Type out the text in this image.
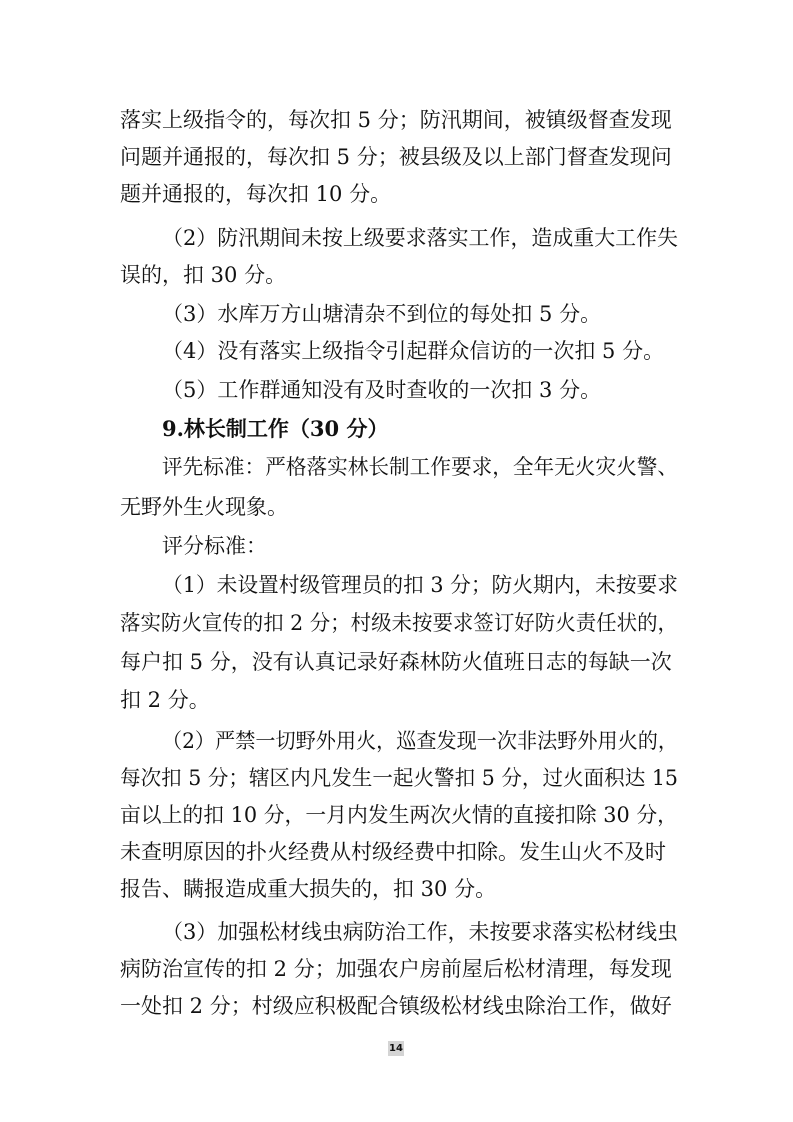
落实上级指令的，每次扣 5 分；防汛期间，被镇级督查发现
问题并通报的，每次扣 5 分；被县级及以上部门督查发现问
题并通报的，每次扣 10 分。
（2）防汛期间未按上级要求落实工作，造成重大工作失
误的，扣 30 分。
（3）水库万方山塘清杂不到位的每处扣 5 分。
（4）没有落实上级指令引起群众信访的一次扣 5 分。
（5）工作群通知没有及时查收的一次扣 3 分。
9.林长制工作（30 分）
评先标准：严格落实林长制工作要求，全年无火灾火警、
无野外生火现象。
评分标准：
（1）未设置村级管理员的扣 3 分；防火期内，未按要求
落实防火宣传的扣 2 分；村级未按要求签订好防火责任状的，
每户扣 5 分，没有认真记录好森林防火值班日志的每缺一次
扣 2 分。
（2）严禁一切野外用火，巡查发现一次非法野外用火的，
每次扣 5 分；辖区内凡发生一起火警扣 5 分，过火面积达 15
亩以上的扣 10 分，一月内发生两次火情的直接扣除 30 分，
未查明原因的扑火经费从村级经费中扣除。发生山火不及时
报告、瞒报造成重大损失的，扣 30 分。
（3）加强松材线虫病防治工作，未按要求落实松材线虫
病防治宣传的扣 2 分；加强农户房前屋后松材清理，每发现
一处扣 2 分；村级应积极配合镇级松材线虫除治工作，做好
14
